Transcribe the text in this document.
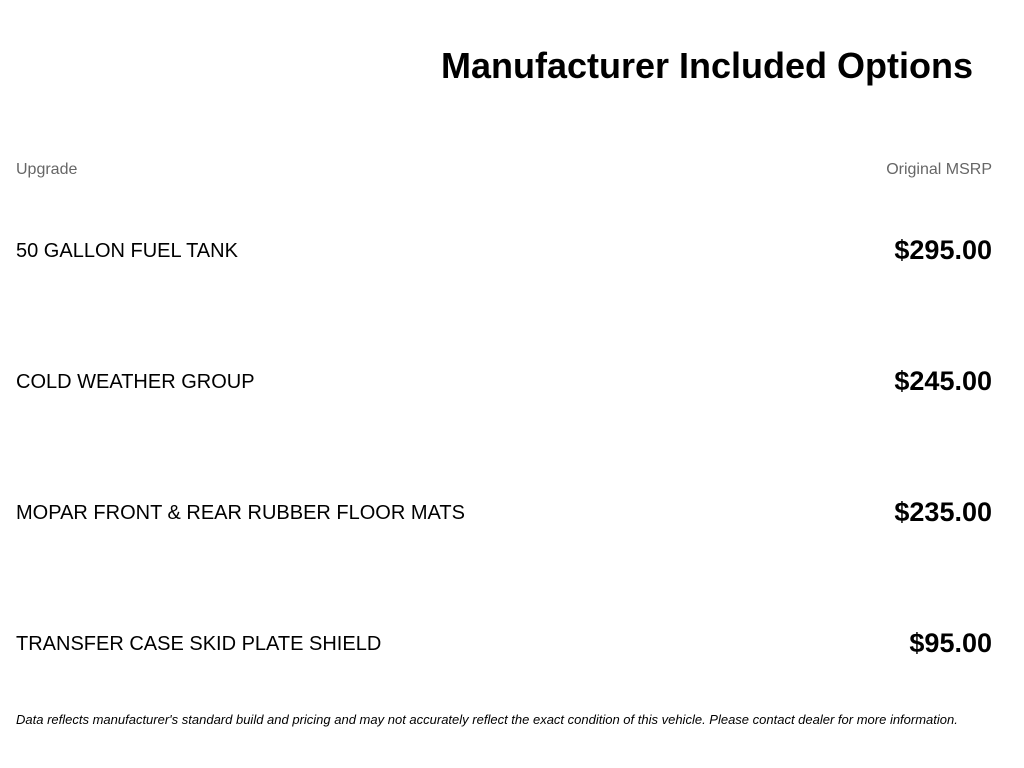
Manufacturer Included Options
Upgrade	Original MSRP
50 GALLON FUEL TANK	$295.00
COLD WEATHER GROUP	$245.00
MOPAR FRONT & REAR RUBBER FLOOR MATS	$235.00
TRANSFER CASE SKID PLATE SHIELD	$95.00
Data reflects manufacturer's standard build and pricing and may not accurately reflect the exact condition of this vehicle. Please contact dealer for more information.
